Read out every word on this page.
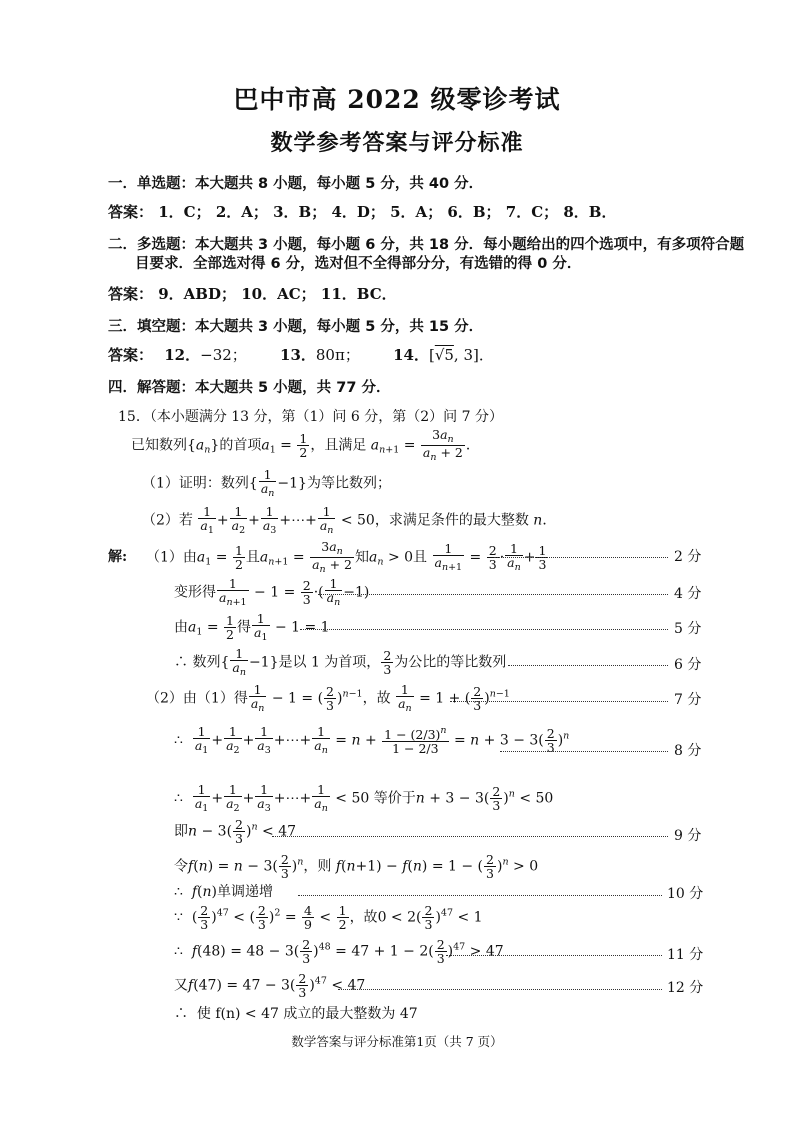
巴中市高 2022 级零诊考试
数学参考答案与评分标准
一．单选题：本大题共 8 小题，每小题 5 分，共 40 分．
答案： 1．C； 2．A； 3．B； 4．D； 5．A； 6．B； 7．C； 8．B．
二．多选题：本大题共 3 小题，每小题 6 分，共 18 分．每小题给出的四个选项中，有多项符合题
目要求．全部选对得 6 分，选对但不全得部分分，有选错的得 0 分．
答案： 9．ABD； 10．AC； 11．BC．
三．填空题：本大题共 3 小题，每小题 5 分，共 15 分．
答案： 12．−32； 13．80π； 14．[√5, 3]．
四．解答题：本大题共 5 小题，共 77 分．
15．（本小题满分 13 分，第（1）问 6 分，第（2）问 7 分）
已知数列$\{a_n\}$的首项$a_1 = \frac{1}{2}$ ，且满足 $a_{n+1} = \frac{3a_n}{a_n + 2}$ ．
（1）证明：数列{ $\frac{1}{a_n} -1$}为等比数列；
（2）若 $\frac{1}{a_1} + \frac{1}{a_2} + \frac{1}{a_3}$ +⋯+ $\frac{1}{a_n} < 50$，求满足条件的最大整数 n．
解: （1）由$a_1 = \frac{1}{2}$ 且$a_{n+1} = \frac{3a_n}{a_n + 2}$ 知$a_n > 0$且 $\frac{1}{a_{n+1}} = \frac{2}{3} \cdot \frac{1}{a_n} + \frac{1}{3}$	2 分
变形得 $\frac{1}{a_{n+1}} - 1 = \frac{2}{3}$ ·( $\frac{1}{a_n} -1$)	4 分
由$a_1 = \frac{1}{2}$ 得 $\frac{1}{a_1} - 1 = 1$	5 分
∴ 数列{ $\frac{1}{a_n} -1$}是以 1 为首项， $\frac{2}{3}$ 为公比的等比数列	6 分
（2）由（1）得 $\frac{1}{a_n} - 1$ = ( $\frac{2}{3} )^{n-1}$，故 $\frac{1}{a_n} = 1$ + ( $\frac{2}{3} )^{n-1}$	7 分
∴ $\frac{1}{a_1} + \frac{1}{a_2} + \frac{1}{a_3}$ +⋯+ $\frac{1}{a_n} = n + \frac{1 - (2/3)^n}{1 - 2/3} = n + 3 - 3( \frac{2}{3} )^n$
8 分
∴ $\frac{1}{a_1} + \frac{1}{a_2} + \frac{1}{a_3}$ +⋯+ $\frac{1}{a_n} < 50$ 等价于$n + 3 - 3( \frac{2}{3} )^n < 50$
即$n - 3( \frac{2}{3} )^n < 47$	9 分
令$f(n) = n - 3( \frac{2}{3} )^n$，则 f(n+1) − f(n) = 1 − ( $\frac{2}{3} )^n > 0$
∴ f(n)单调递增	10 分
∵  ( $\frac{2}{3} )^{47}$ < ( $\frac{2}{3} )^2 = \frac{4}{9} < \frac{1}{2}$ ，故$0 < 2( \frac{2}{3} )^{47} < 1$
∴ $f(48) = 48 - 3( \frac{2}{3} )^{48} = 47 + 1 - 2( \frac{2}{3} )^{47} > 47$	11 分
又$f(47) = 47 - 3( \frac{2}{3} )^{47} < 47$	12 分
∴ 使 f(n) < 47 成立的最大整数为 47
数学答案与评分标准第1页（共 7 页）
